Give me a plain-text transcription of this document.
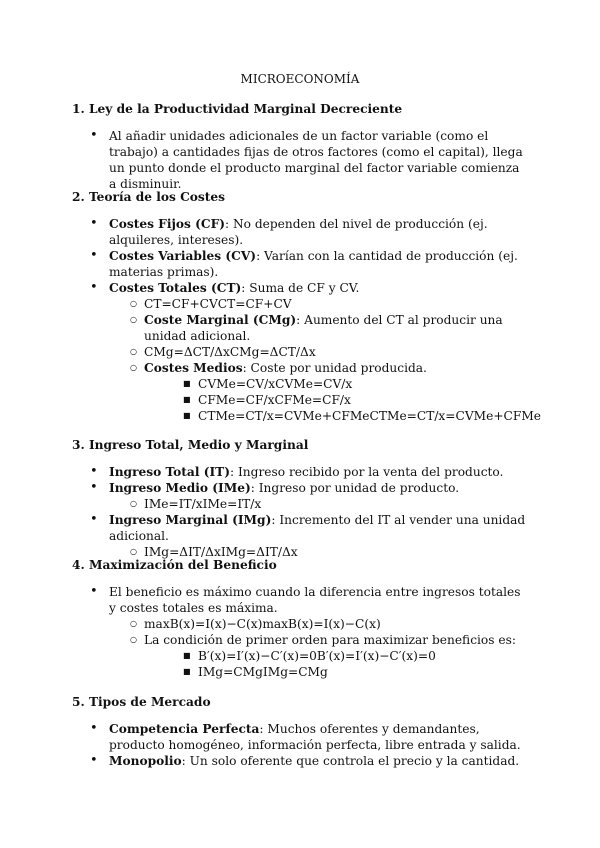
MICROECONOMÍA
1. Ley de la Productividad Marginal Decreciente
• Al añadir unidades adicionales de un factor variable (como el trabajo) a cantidades fijas de otros factores (como el capital), llega un punto donde el producto marginal del factor variable comienza a disminuir.
2. Teoría de los Costes
• Costes Fijos (CF): No dependen del nivel de producción (ej. alquileres, intereses).
• Costes Variables (CV): Varían con la cantidad de producción (ej. materias primas).
• Costes Totales (CT): Suma de CF y CV.
○ CT=CF+CVCT=CF+CV
○ Coste Marginal (CMg): Aumento del CT al producir una unidad adicional.
○ CMg=ΔCT/ΔxCMg=ΔCT/Δx
○ Costes Medios: Coste por unidad producida.
■ CVMe=CV/xCVMe=CV/x
■ CFMe=CF/xCFMe=CF/x
■ CTMe=CT/x=CVMe+CFMeCTMe=CT/x=CVMe+CFMe
3. Ingreso Total, Medio y Marginal
• Ingreso Total (IT): Ingreso recibido por la venta del producto.
• Ingreso Medio (IMe): Ingreso por unidad de producto.
○ IMe=IT/xIMe=IT/x
• Ingreso Marginal (IMg): Incremento del IT al vender una unidad adicional.
○ IMg=ΔIT/ΔxIMg=ΔIT/Δx
4. Maximización del Beneficio
• El beneficio es máximo cuando la diferencia entre ingresos totales y costes totales es máxima.
○ maxB(x)=I(x)−C(x)maxB(x)=I(x)−C(x)
○ La condición de primer orden para maximizar beneficios es:
■ B′(x)=I′(x)−C′(x)=0B′(x)=I′(x)−C′(x)=0
■ IMg=CMgIMg=CMg
5. Tipos de Mercado
• Competencia Perfecta: Muchos oferentes y demandantes, producto homogéneo, información perfecta, libre entrada y salida.
• Monopolio: Un solo oferente que controla el precio y la cantidad.
